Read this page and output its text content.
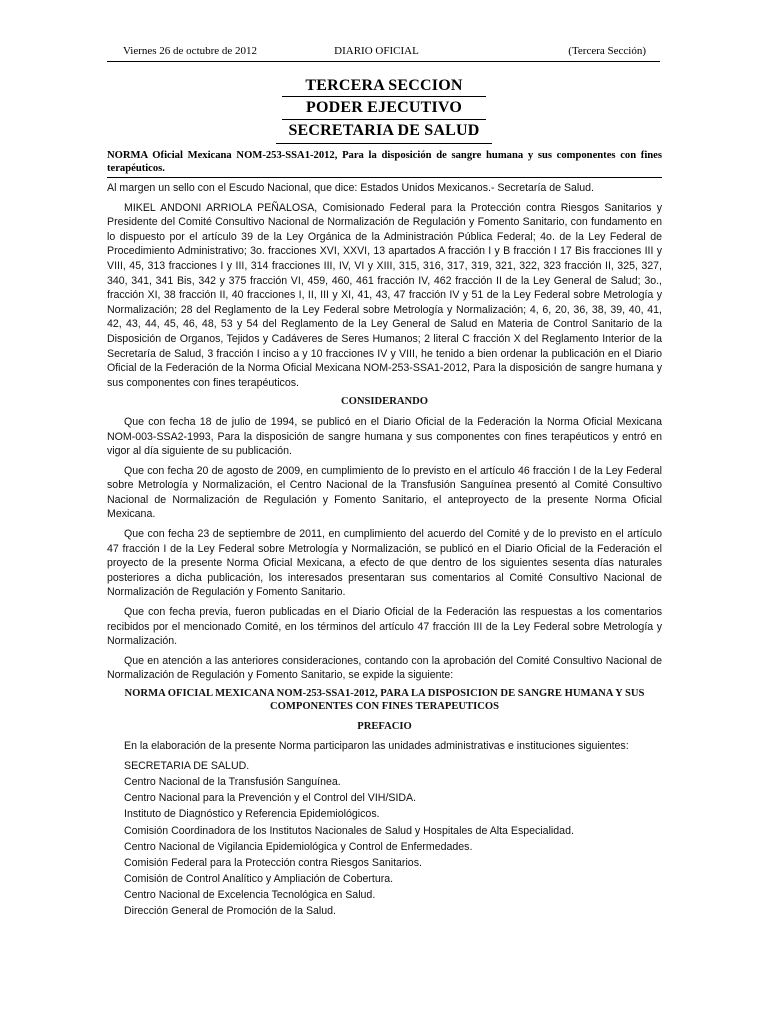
Viernes 26 de octubre de 2012	DIARIO OFICIAL	(Tercera Sección)
TERCERA SECCION
PODER EJECUTIVO
SECRETARIA DE SALUD
NORMA Oficial Mexicana NOM-253-SSA1-2012, Para la disposición de sangre humana y sus componentes con fines terapéuticos.

Al margen un sello con el Escudo Nacional, que dice: Estados Unidos Mexicanos.- Secretaría de Salud.

MIKEL ANDONI ARRIOLA PEÑALOSA, Comisionado Federal para la Protección contra Riesgos Sanitarios y Presidente del Comité Consultivo Nacional de Normalización de Regulación y Fomento Sanitario, con fundamento en lo dispuesto por el artículo 39 de la Ley Orgánica de la Administración Pública Federal; 4o. de la Ley Federal de Procedimiento Administrativo; 3o. fracciones XVI, XXVI, 13 apartados A fracción I y B fracción I 17 Bis fracciones III y VIII, 45, 313 fracciones I y III, 314 fracciones III, IV, VI y XIII, 315, 316, 317, 319, 321, 322, 323 fracción II, 325, 327, 340, 341, 341 Bis, 342 y 375 fracción VI, 459, 460, 461 fracción IV, 462 fracción II de la Ley General de Salud; 3o., fracción XI, 38 fracción II, 40 fracciones I, II, III y XI, 41, 43, 47 fracción IV y 51 de la Ley Federal sobre Metrología y Normalización; 28 del Reglamento de la Ley Federal sobre Metrología y Normalización; 4, 6, 20, 36, 38, 39, 40, 41, 42, 43, 44, 45, 46, 48, 53 y 54 del Reglamento de la Ley General de Salud en Materia de Control Sanitario de la Disposición de Organos, Tejidos y Cadáveres de Seres Humanos; 2 literal C fracción X del Reglamento Interior de la Secretaría de Salud, 3 fracción I inciso a y 10 fracciones IV y VIII, he tenido a bien ordenar la publicación en el Diario Oficial de la Federación de la Norma Oficial Mexicana NOM-253-SSA1-2012, Para la disposición de sangre humana y sus componentes con fines terapéuticos.

CONSIDERANDO

Que con fecha 18 de julio de 1994, se publicó en el Diario Oficial de la Federación la Norma Oficial Mexicana NOM-003-SSA2-1993, Para la disposición de sangre humana y sus componentes con fines terapéuticos y entró en vigor al día siguiente de su publicación.

Que con fecha 20 de agosto de 2009, en cumplimiento de lo previsto en el artículo 46 fracción I de la Ley Federal sobre Metrología y Normalización, el Centro Nacional de la Transfusión Sanguínea presentó al Comité Consultivo Nacional de Normalización de Regulación y Fomento Sanitario, el anteproyecto de la presente Norma Oficial Mexicana.

Que con fecha 23 de septiembre de 2011, en cumplimiento del acuerdo del Comité y de lo previsto en el artículo 47 fracción I de la Ley Federal sobre Metrología y Normalización, se publicó en el Diario Oficial de la Federación el proyecto de la presente Norma Oficial Mexicana, a efecto de que dentro de los siguientes sesenta días naturales posteriores a dicha publicación, los interesados presentaran sus comentarios al Comité Consultivo Nacional de Normalización de Regulación y Fomento Sanitario.

Que con fecha previa, fueron publicadas en el Diario Oficial de la Federación las respuestas a los comentarios recibidos por el mencionado Comité, en los términos del artículo 47 fracción III de la Ley Federal sobre Metrología y Normalización.

Que en atención a las anteriores consideraciones, contando con la aprobación del Comité Consultivo Nacional de Normalización de Regulación y Fomento Sanitario, se expide la siguiente:

NORMA OFICIAL MEXICANA NOM-253-SSA1-2012, PARA LA DISPOSICION DE SANGRE HUMANA Y SUS COMPONENTES CON FINES TERAPEUTICOS
PREFACIO

En la elaboración de la presente Norma participaron las unidades administrativas e instituciones siguientes:

SECRETARIA DE SALUD.
Centro Nacional de la Transfusión Sanguínea.
Centro Nacional para la Prevención y el Control del VIH/SIDA.
Instituto de Diagnóstico y Referencia Epidemiológicos.
Comisión Coordinadora de los Institutos Nacionales de Salud y Hospitales de Alta Especialidad.
Centro Nacional de Vigilancia Epidemiológica y Control de Enfermedades.
Comisión Federal para la Protección contra Riesgos Sanitarios.
Comisión de Control Analítico y Ampliación de Cobertura.
Centro Nacional de Excelencia Tecnológica en Salud.
Dirección General de Promoción de la Salud.
